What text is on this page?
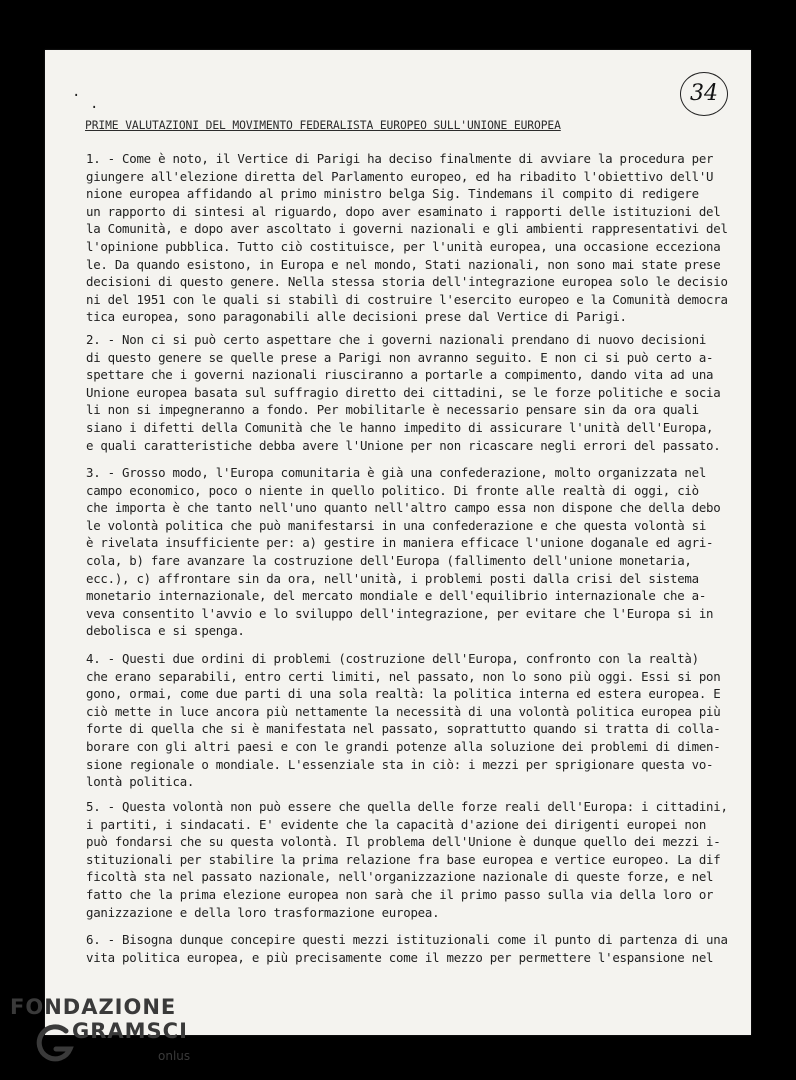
34
·
·
PRIME VALUTAZIONI DEL MOVIMENTO FEDERALISTA EUROPEO SULL'UNIONE EUROPEA
1. - Come è noto, il Vertice di Parigi ha deciso finalmente di avviare la procedura per
giungere all'elezione diretta del Parlamento europeo, ed ha ribadito l'obiettivo dell'U
nione europea affidando al primo ministro belga Sig. Tindemans il compito di redigere
un rapporto di sintesi al riguardo, dopo aver esaminato i rapporti delle istituzioni del
la Comunità, e dopo aver ascoltato i governi nazionali e gli ambienti rappresentativi del
l'opinione pubblica. Tutto ciò costituisce, per l'unità europea, una occasione eccezionа
le. Da quando esistono, in Europa e nel mondo, Stati nazionali, non sono mai state prese
decisioni di questo genere. Nella stessa storia dell'integrazione europea solo le decisio
ni del 1951 con le quali si stabilì di costruire l'esercito europeo e la Comunità democra
tica europea, sono paragonabili alle decisioni prese dal Vertice di Parigi.
2. - Non ci si può certo aspettare che i governi nazionali prendano di nuovo decisioni
di questo genere se quelle prese a Parigi non avranno seguito. E non ci si può certo a-
spettare che i governi nazionali riusciranno a portarle a compimento, dando vita ad una
Unione europea basata sul suffragio diretto dei cittadini, se le forze politiche e socia
li non si impegneranno a fondo. Per mobilitarle è necessario pensare sin da ora quali
siano i difetti della Comunità che le hanno impedito di assicurare l'unità dell'Europa,
e quali caratteristiche debba avere l'Unione per non ricascare negli errori del passato.
3. - Grosso modo, l'Europa comunitaria è già una confederazione, molto organizzata nel
campo economico, poco o niente in quello politico. Di fronte alle realtà di oggi, ciò
che importa è che tanto nell'uno quanto nell'altro campo essa non dispone che della debo
le volontà politica che può manifestarsi in una confederazione e che questa volontà si
è rivelata insufficiente per: a) gestire in maniera efficace l'unione doganale ed agri-
cola, b) fare avanzare la costruzione dell'Europa (fallimento dell'unione monetaria,
ecc.), c) affrontare sin da ora, nell'unità, i problemi posti dalla crisi del sistema
monetario internazionale, del mercato mondiale e dell'equilibrio internazionale che a-
veva consentito l'avvio e lo sviluppo dell'integrazione, per evitare che l'Europa si in
debolisca e si spenga.
4. - Questi due ordini di problemi (costruzione dell'Europa, confronto con la realtà)
che erano separabili, entro certi limiti, nel passato, non lo sono più oggi. Essi si pon
gono, ormai, come due parti di una sola realtà: la politica interna ed estera europea. E
ciò mette in luce ancora più nettamente la necessità di una volontà politica europea più
forte di quella che si è manifestata nel passato, soprattutto quando si tratta di colla-
borare con gli altri paesi e con le grandi potenze alla soluzione dei problemi di dimen-
sione regionale o mondiale. L'essenziale sta in ciò: i mezzi per sprigionare questa vo-
lontà politica.
5. - Questa volontà non può essere che quella delle forze reali dell'Europa: i cittadini,
i partiti, i sindacati. E' evidente che la capacità d'azione dei dirigenti europei non
può fondarsi che su questa volontà. Il problema dell'Unione è dunque quello dei mezzi i-
stituzionali per stabilire la prima relazione fra base europea e vertice europeo. La dif
ficoltà sta nel passato nazionale, nell'organizzazione nazionale di queste forze, e nel
fatto che la prima elezione europea non sarà che il primo passo sulla via della loro or
ganizzazione e della loro trasformazione europea.
6. - Bisogna dunque concepire questi mezzi istituzionali come il punto di partenza di una
vita politica europea, e più precisamente come il mezzo per permettere l'espansione nel
FONDAZIONE
GRAMSCI
onlus
